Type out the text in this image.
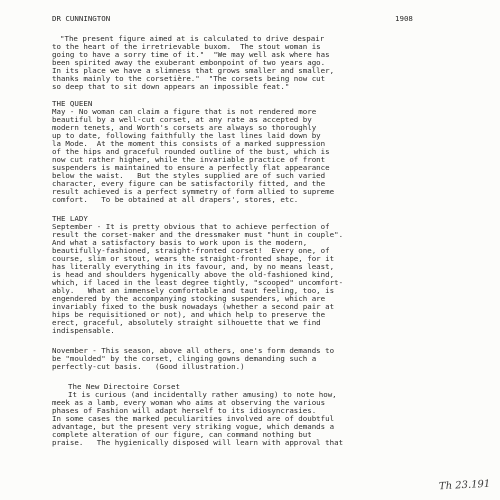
DR CUNNINGTON	1908
"The present figure aimed at is calculated to drive despair
to the heart of the irretrievable buxom.  The stout woman is
going to have a sorry time of it."  "We may well ask where has
been spirited away the exuberant embonpoint of two years ago.
In its place we have a slimness that grows smaller and smaller,
thanks mainly to the corsetière."  "The corsets being now cut
so deep that to sit down appears an impossible feat."
THE QUEEN
May - No woman can claim a figure that is not rendered more
beautiful by a well-cut corset, at any rate as accepted by
modern tenets, and Worth's corsets are always so thoroughly
up to date, following faithfully the last lines laid down by
la Mode.  At the moment this consists of a marked suppression
of the hips and graceful rounded outline of the bust, which is
now cut rather higher, while the invariable practice of front
suspenders is maintained to ensure a perfectly flat appearance
below the waist.   But the styles supplied are of such varied
character, every figure can be satisfactorily fitted, and the
result achieved is a perfect symmetry of form allied to supreme
comfort.   To be obtained at all drapers', stores, etc.
THE LADY
September - It is pretty obvious that to achieve perfection of
result the corset-maker and the dressmaker must "hunt in couple".
And what a satisfactory basis to work upon is the modern,
beautifully-fashioned, straight-fronted corset!  Every one, of
course, slim or stout, wears the straight-fronted shape, for it
has literally everything in its favour, and, by no means least,
is head and shoulders hygenically above the old-fashioned kind,
which, if laced in the least degree tightly, "scooped" uncomfort-
ably.   What an immensely comfortable and taut feeling, too, is
engendered by the accompanying stocking suspenders, which are
invariably fixed to the busk nowadays (whether a second pair at
hips be requisitioned or not), and which help to preserve the
erect, graceful, absolutely straight silhouette that we find
indispensable.
November - This season, above all others, one's form demands to
be "moulded" by the corset, clinging gowns demanding such a
perfectly-cut basis.   (Good illustration.)
The New Directoire Corset
It is curious (and incidentally rather amusing) to note how,
meek as a lamb, every woman who aims at observing the various
phases of Fashion will adapt herself to its idiosyncrasies.
In some cases the marked peculiarities involved are of doubtful
advantage, but the present very striking vogue, which demands a
complete alteration of our figure, can command nothing but
praise.   The hygienically disposed will learn with approval that
Th 23.191
